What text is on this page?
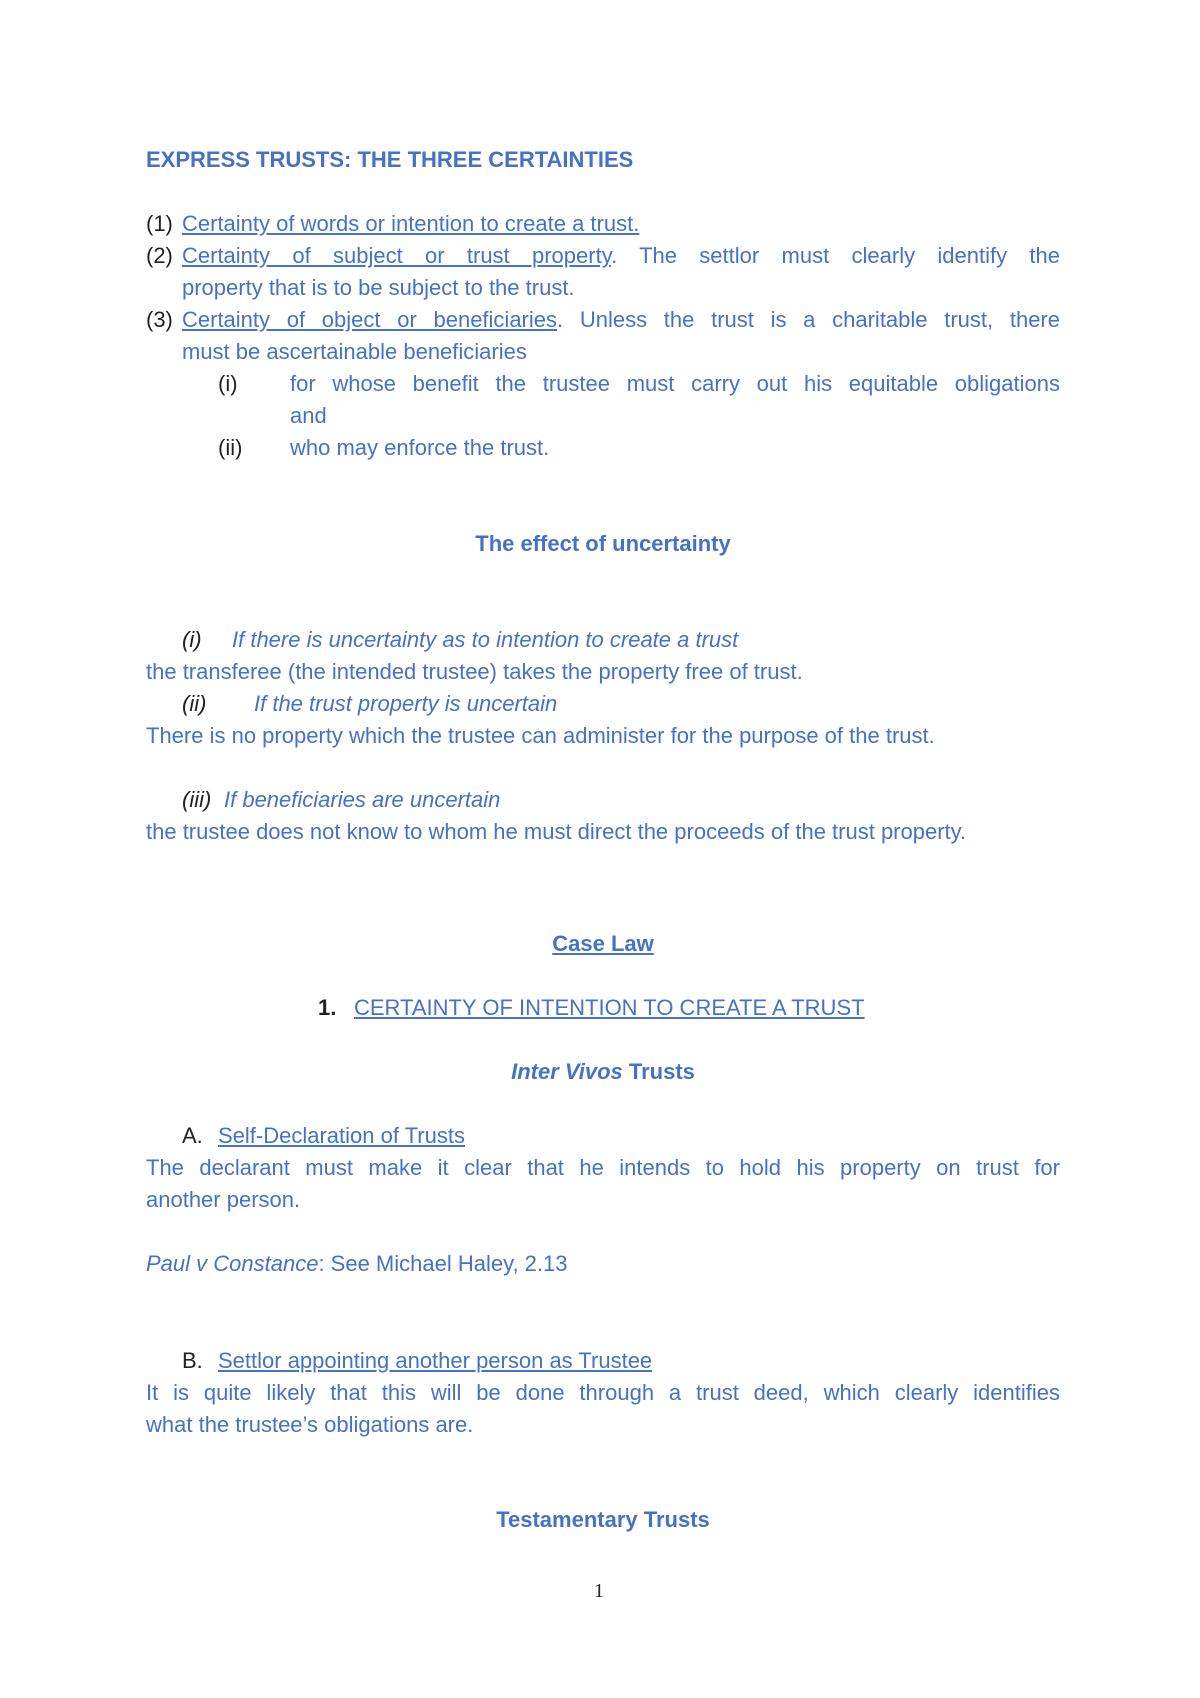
EXPRESS TRUSTS: THE THREE CERTAINTIES
(1) Certainty of words or intention to create a trust.
(2) Certainty of subject or trust property. The settlor must clearly identify the
property that is to be subject to the trust.
(3) Certainty of object or beneficiaries. Unless the trust is a charitable trust, there
must be ascertainable beneficiaries
(i) for whose benefit the trustee must carry out his equitable obligations
and
(ii) who may enforce the trust.
The effect of uncertainty
(i) If there is uncertainty as to intention to create a trust
the transferee (the intended trustee) takes the property free of trust.
(ii) If the trust property is uncertain
There is no property which the trustee can administer for the purpose of the trust.
(iii) If beneficiaries are uncertain
the trustee does not know to whom he must direct the proceeds of the trust property.
Case Law
1. CERTAINTY OF INTENTION TO CREATE A TRUST
Inter Vivos Trusts
A. Self-Declaration of Trusts
The declarant must make it clear that he intends to hold his property on trust for
another person.
Paul v Constance: See Michael Haley, 2.13
B. Settlor appointing another person as Trustee
It is quite likely that this will be done through a trust deed, which clearly identifies
what the trustee’s obligations are.
Testamentary Trusts
1
